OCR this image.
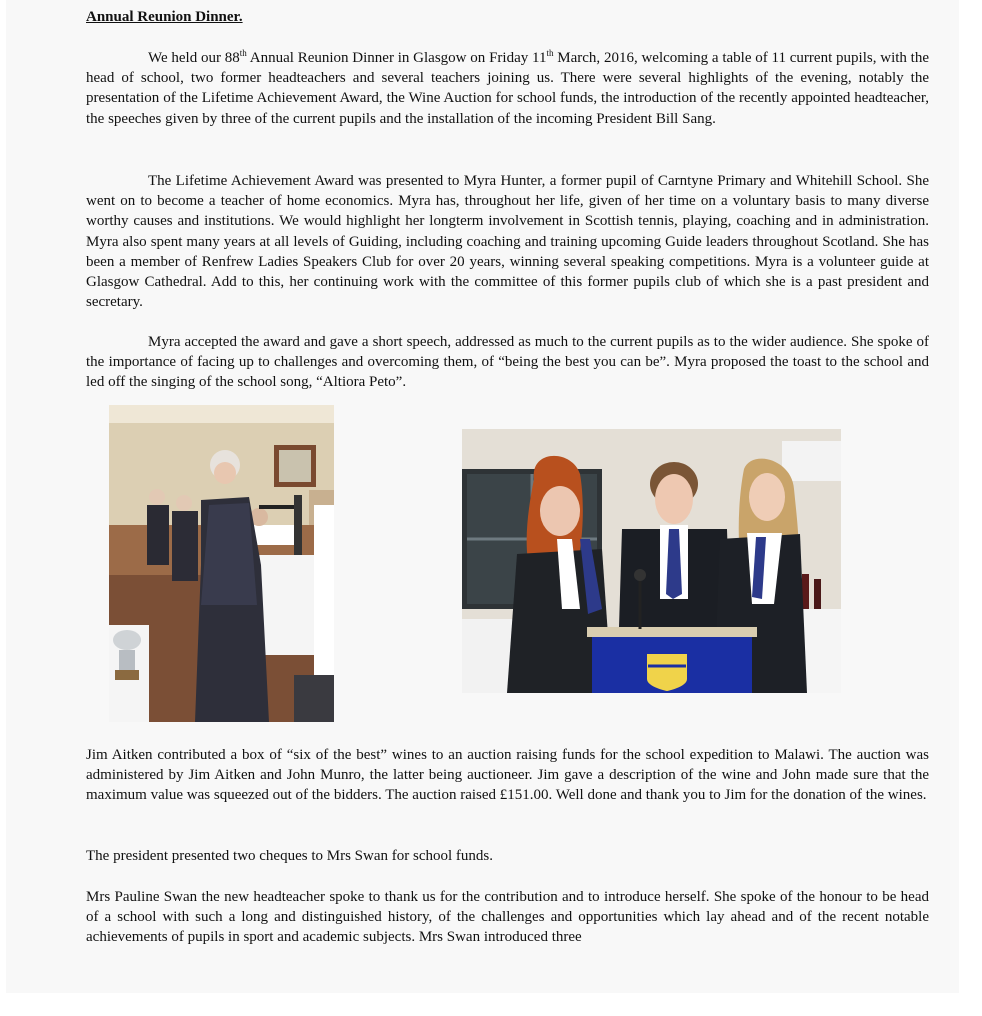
Annual Reunion Dinner.

We held our 88th Annual Reunion Dinner in Glasgow on Friday 11th March, 2016, welcoming a table of 11 current pupils, with the head of school, two former headteachers and several teachers joining us. There were several highlights of the evening, notably the presentation of the Lifetime Achievement Award, the Wine Auction for school funds, the introduction of the recently appointed headteacher, the speeches given by three of the current pupils and the installation of the incoming President Bill Sang.

The Lifetime Achievement Award was presented to Myra Hunter, a former pupil of Carntyne Primary and Whitehill School. She went on to become a teacher of home economics. Myra has, throughout her life, given of her time on a voluntary basis to many diverse worthy causes and institutions. We would highlight her longterm involvement in Scottish tennis, playing, coaching and in administration. Myra also spent many years at all levels of Guiding, including coaching and training upcoming Guide leaders throughout Scotland. She has been a member of Renfrew Ladies Speakers Club for over 20 years, winning several speaking competitions. Myra is a volunteer guide at Glasgow Cathedral. Add to this, her continuing work with the committee of this former pupils club of which she is a past president and secretary.

Myra accepted the award and gave a short speech, addressed as much to the current pupils as to the wider audience. She spoke of the importance of facing up to challenges and overcoming them, of “being the best you can be”. Myra proposed the toast to the school and led off the singing of the school song, “Altiora Peto”.

Jim Aitken contributed a box of “six of the best” wines to an auction raising funds for the school expedition to Malawi. The auction was administered by Jim Aitken and John Munro, the latter being auctioneer. Jim gave a description of the wine and John made sure that the maximum value was squeezed out of the bidders. The auction raised £151.00. Well done and thank you to Jim for the donation of the wines.

The president presented two cheques to Mrs Swan for school funds.

Mrs Pauline Swan the new headteacher spoke to thank us for the contribution and to introduce herself. She spoke of the honour to be head of a school with such a long and distinguished history, of the challenges and opportunities which lay ahead and of the recent notable achievements of pupils in sport and academic subjects. Mrs Swan introduced three
